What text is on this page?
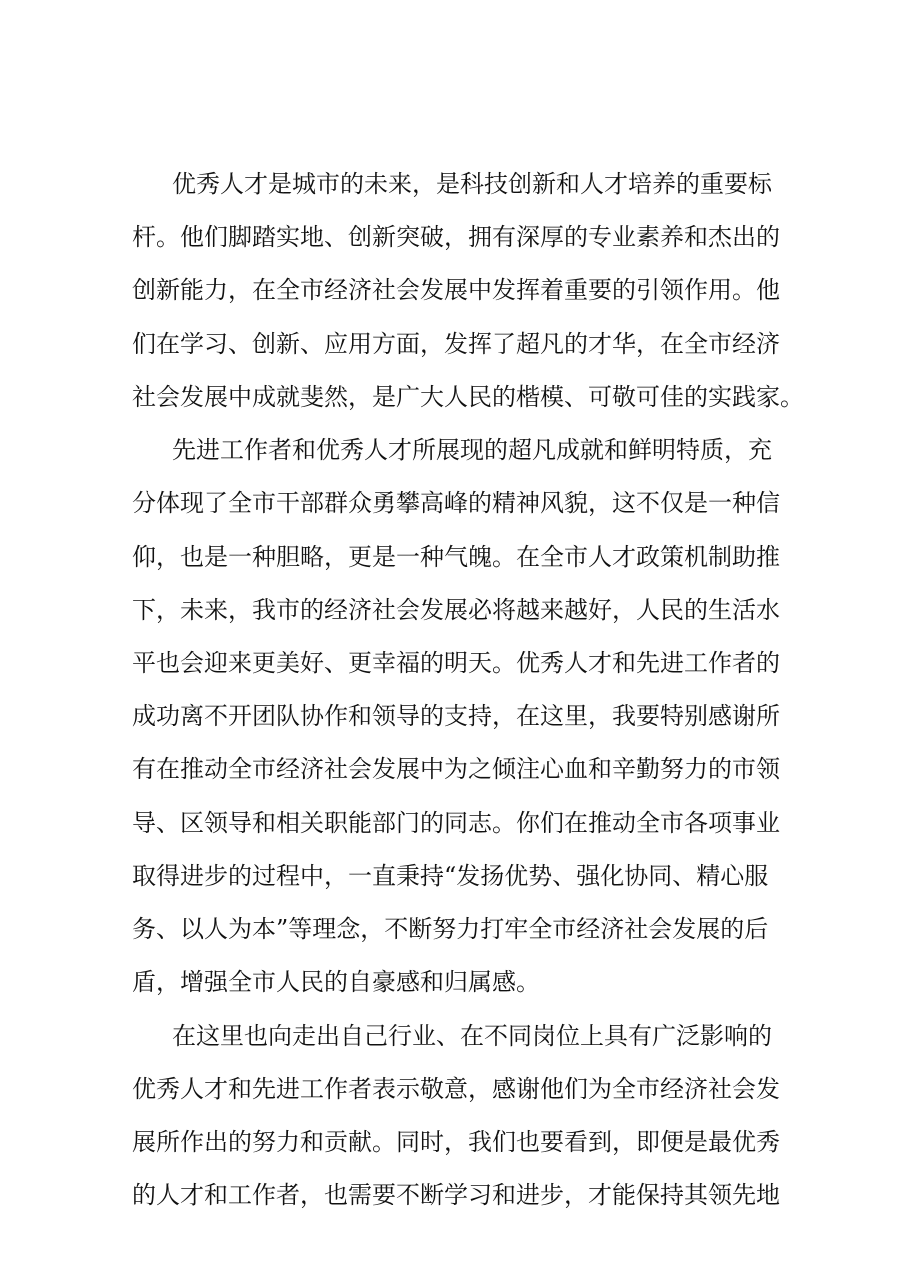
优秀人才是城市的未来，是科技创新和人才培养的重要标
杆。他们脚踏实地、创新突破，拥有深厚的专业素养和杰出的
创新能力，在全市经济社会发展中发挥着重要的引领作用。他
们在学习、创新、应用方面，发挥了超凡的才华，在全市经济
社会发展中成就斐然，是广大人民的楷模、可敬可佳的实践家。
先进工作者和优秀人才所展现的超凡成就和鲜明特质，充
分体现了全市干部群众勇攀高峰的精神风貌，这不仅是一种信
仰，也是一种胆略，更是一种气魄。在全市人才政策机制助推
下，未来，我市的经济社会发展必将越来越好，人民的生活水
平也会迎来更美好、更幸福的明天。优秀人才和先进工作者的
成功离不开团队协作和领导的支持，在这里，我要特别感谢所
有在推动全市经济社会发展中为之倾注心血和辛勤努力的市领
导、区领导和相关职能部门的同志。你们在推动全市各项事业
取得进步的过程中，一直秉持“发扬优势、强化协同、精心服
务、以人为本”等理念，不断努力打牢全市经济社会发展的后
盾，增强全市人民的自豪感和归属感。
在这里也向走出自己行业、在不同岗位上具有广泛影响的
优秀人才和先进工作者表示敬意，感谢他们为全市经济社会发
展所作出的努力和贡献。同时，我们也要看到，即便是最优秀
的人才和工作者，也需要不断学习和进步，才能保持其领先地
